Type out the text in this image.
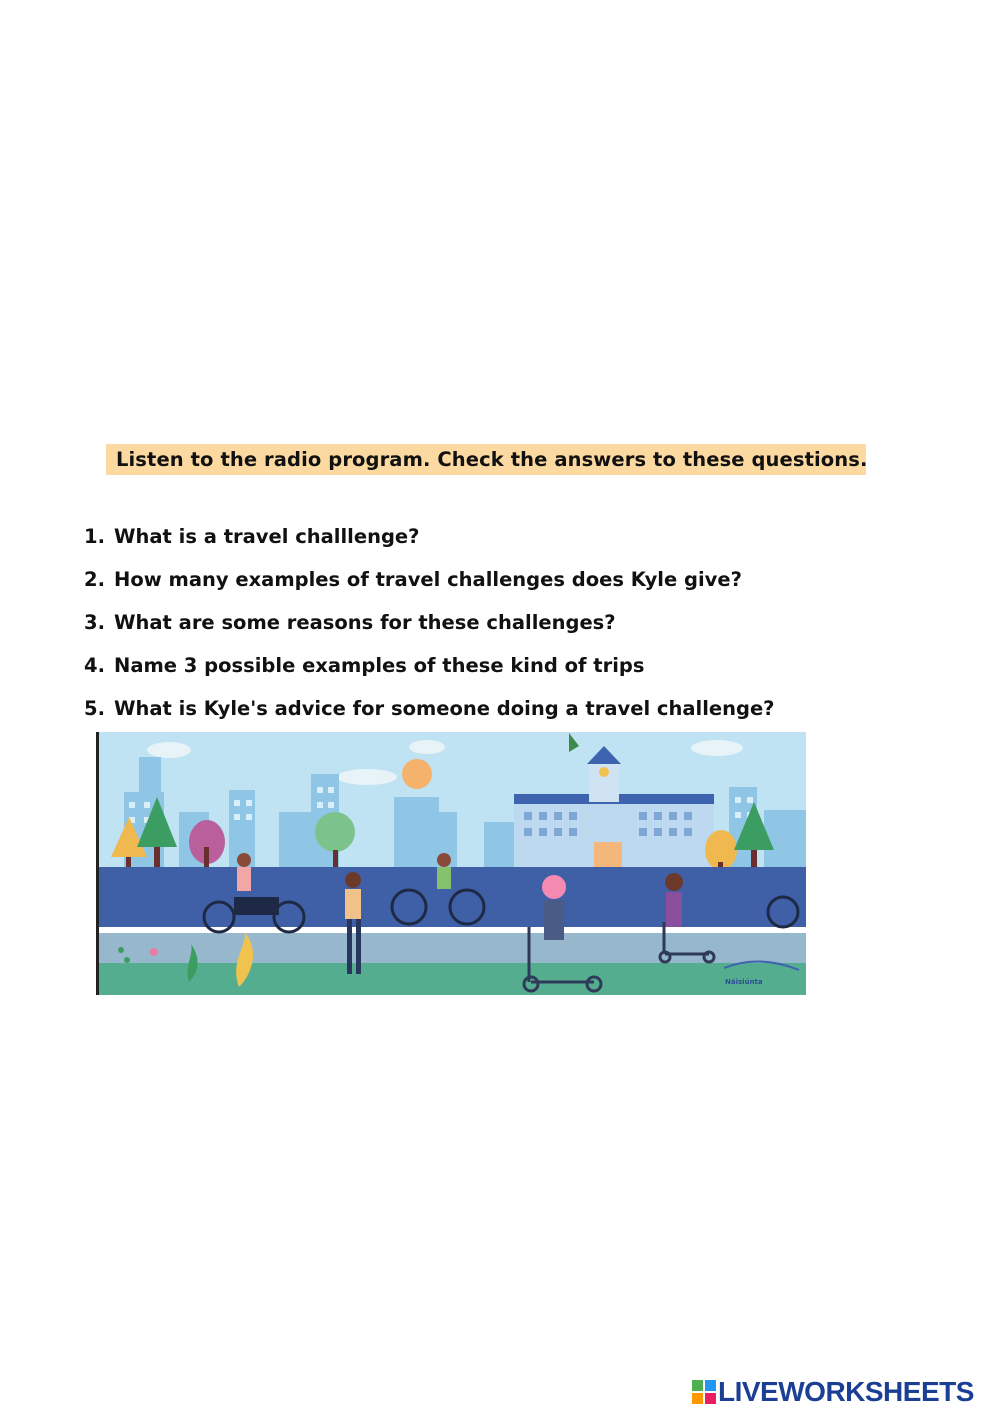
Listen to the radio program. Check the answers to these questions.
1. What is a travel challlenge?
2. How many examples of travel challenges does Kyle give?
3. What are some reasons for these challenges?
4. Name 3 possible examples of these kind of trips
5. What is Kyle's advice for someone doing a travel challenge?
Náisiúnta
LIVEWORKSHEETS
